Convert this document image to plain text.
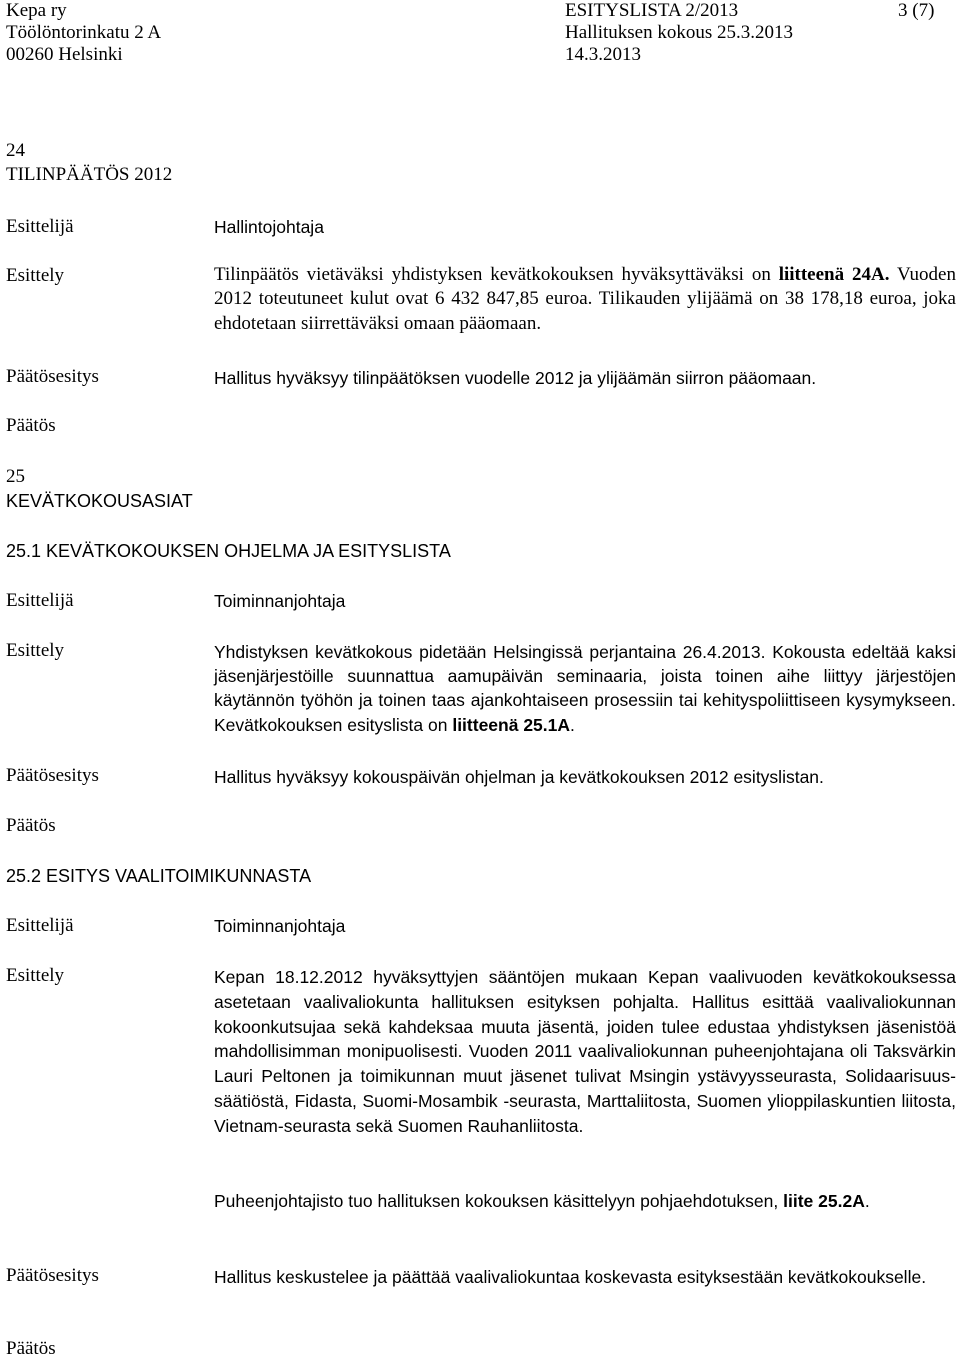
Kepa ry
Töölöntorinkatu 2 A
00260 Helsinki
ESITYSLISTA 2/2013
Hallituksen kokous 25.3.2013
14.3.2013
3 (7)
24
TILINPÄÄTÖS 2012
Esittelijä	Hallintojohtaja
Esittely	Tilinpäätös vietäväksi yhdistyksen kevätkokouksen hyväksyttäväksi on liitteenä 24A. Vuoden 2012 toteutuneet kulut ovat 6 432 847,85 euroa. Tilikauden ylijäämä on 38 178,18 euroa, joka ehdotetaan siirrettäväksi omaan pääomaan.
Päätösesitys	Hallitus hyväksyy tilinpäätöksen vuodelle 2012 ja ylijäämän siirron pääomaan.
Päätös
25
KEVÄTKOKOUSASIAT
25.1 KEVÄTKOKOUKSEN OHJELMA JA ESITYSLISTA
Esittelijä	Toiminnanjohtaja
Esittely	Yhdistyksen kevätkokous pidetään Helsingissä perjantaina 26.4.2013. Kokousta edeltää kaksi jäsenjärjestöille suunnattua aamupäivän seminaaria, joista toinen aihe liittyy järjestöjen käytännön työhön ja toinen taas ajankohtaiseen prosessiin tai kehityspoliittiseen kysymykseen. Kevätkokouksen esityslista on liitteenä 25.1A.
Päätösesitys	Hallitus hyväksyy kokouspäivän ohjelman ja kevätkokouksen 2012 esityslistan.
Päätös
25.2 ESITYS VAALITOIMIKUNNASTA
Esittelijä	Toiminnanjohtaja
Esittely	Kepan 18.12.2012 hyväksyttyjen sääntöjen mukaan Kepan vaalivuoden kevätkokouksessa asetetaan vaalivaliokunta hallituksen esityksen pohjalta. Hallitus esittää vaalivaliokunnan kokoonkutsujaa sekä kahdeksaa muuta jäsentä, joiden tulee edustaa yhdistyksen jäsenistöä mahdollisimman monipuolisesti. Vuoden 2011 vaalivaliokunnan puheenjohtajana oli Taksvärkin Lauri Peltonen ja toimikunnan muut jäsenet tulivat Msingin ystävyysseurasta, Solidaarisuus-säätiöstä, Fidasta, Suomi-Mosambik -seurasta, Marttaliitosta, Suomen ylioppilaskuntien liitosta, Vietnam-seurasta sekä Suomen Rauhanliitosta.
Puheenjohtajisto tuo hallituksen kokouksen käsittelyyn pohjaehdotuksen, liite 25.2A.
Päätösesitys	Hallitus keskustelee ja päättää vaalivaliokuntaa koskevasta esityksestään kevätkokoukselle.
Päätös
